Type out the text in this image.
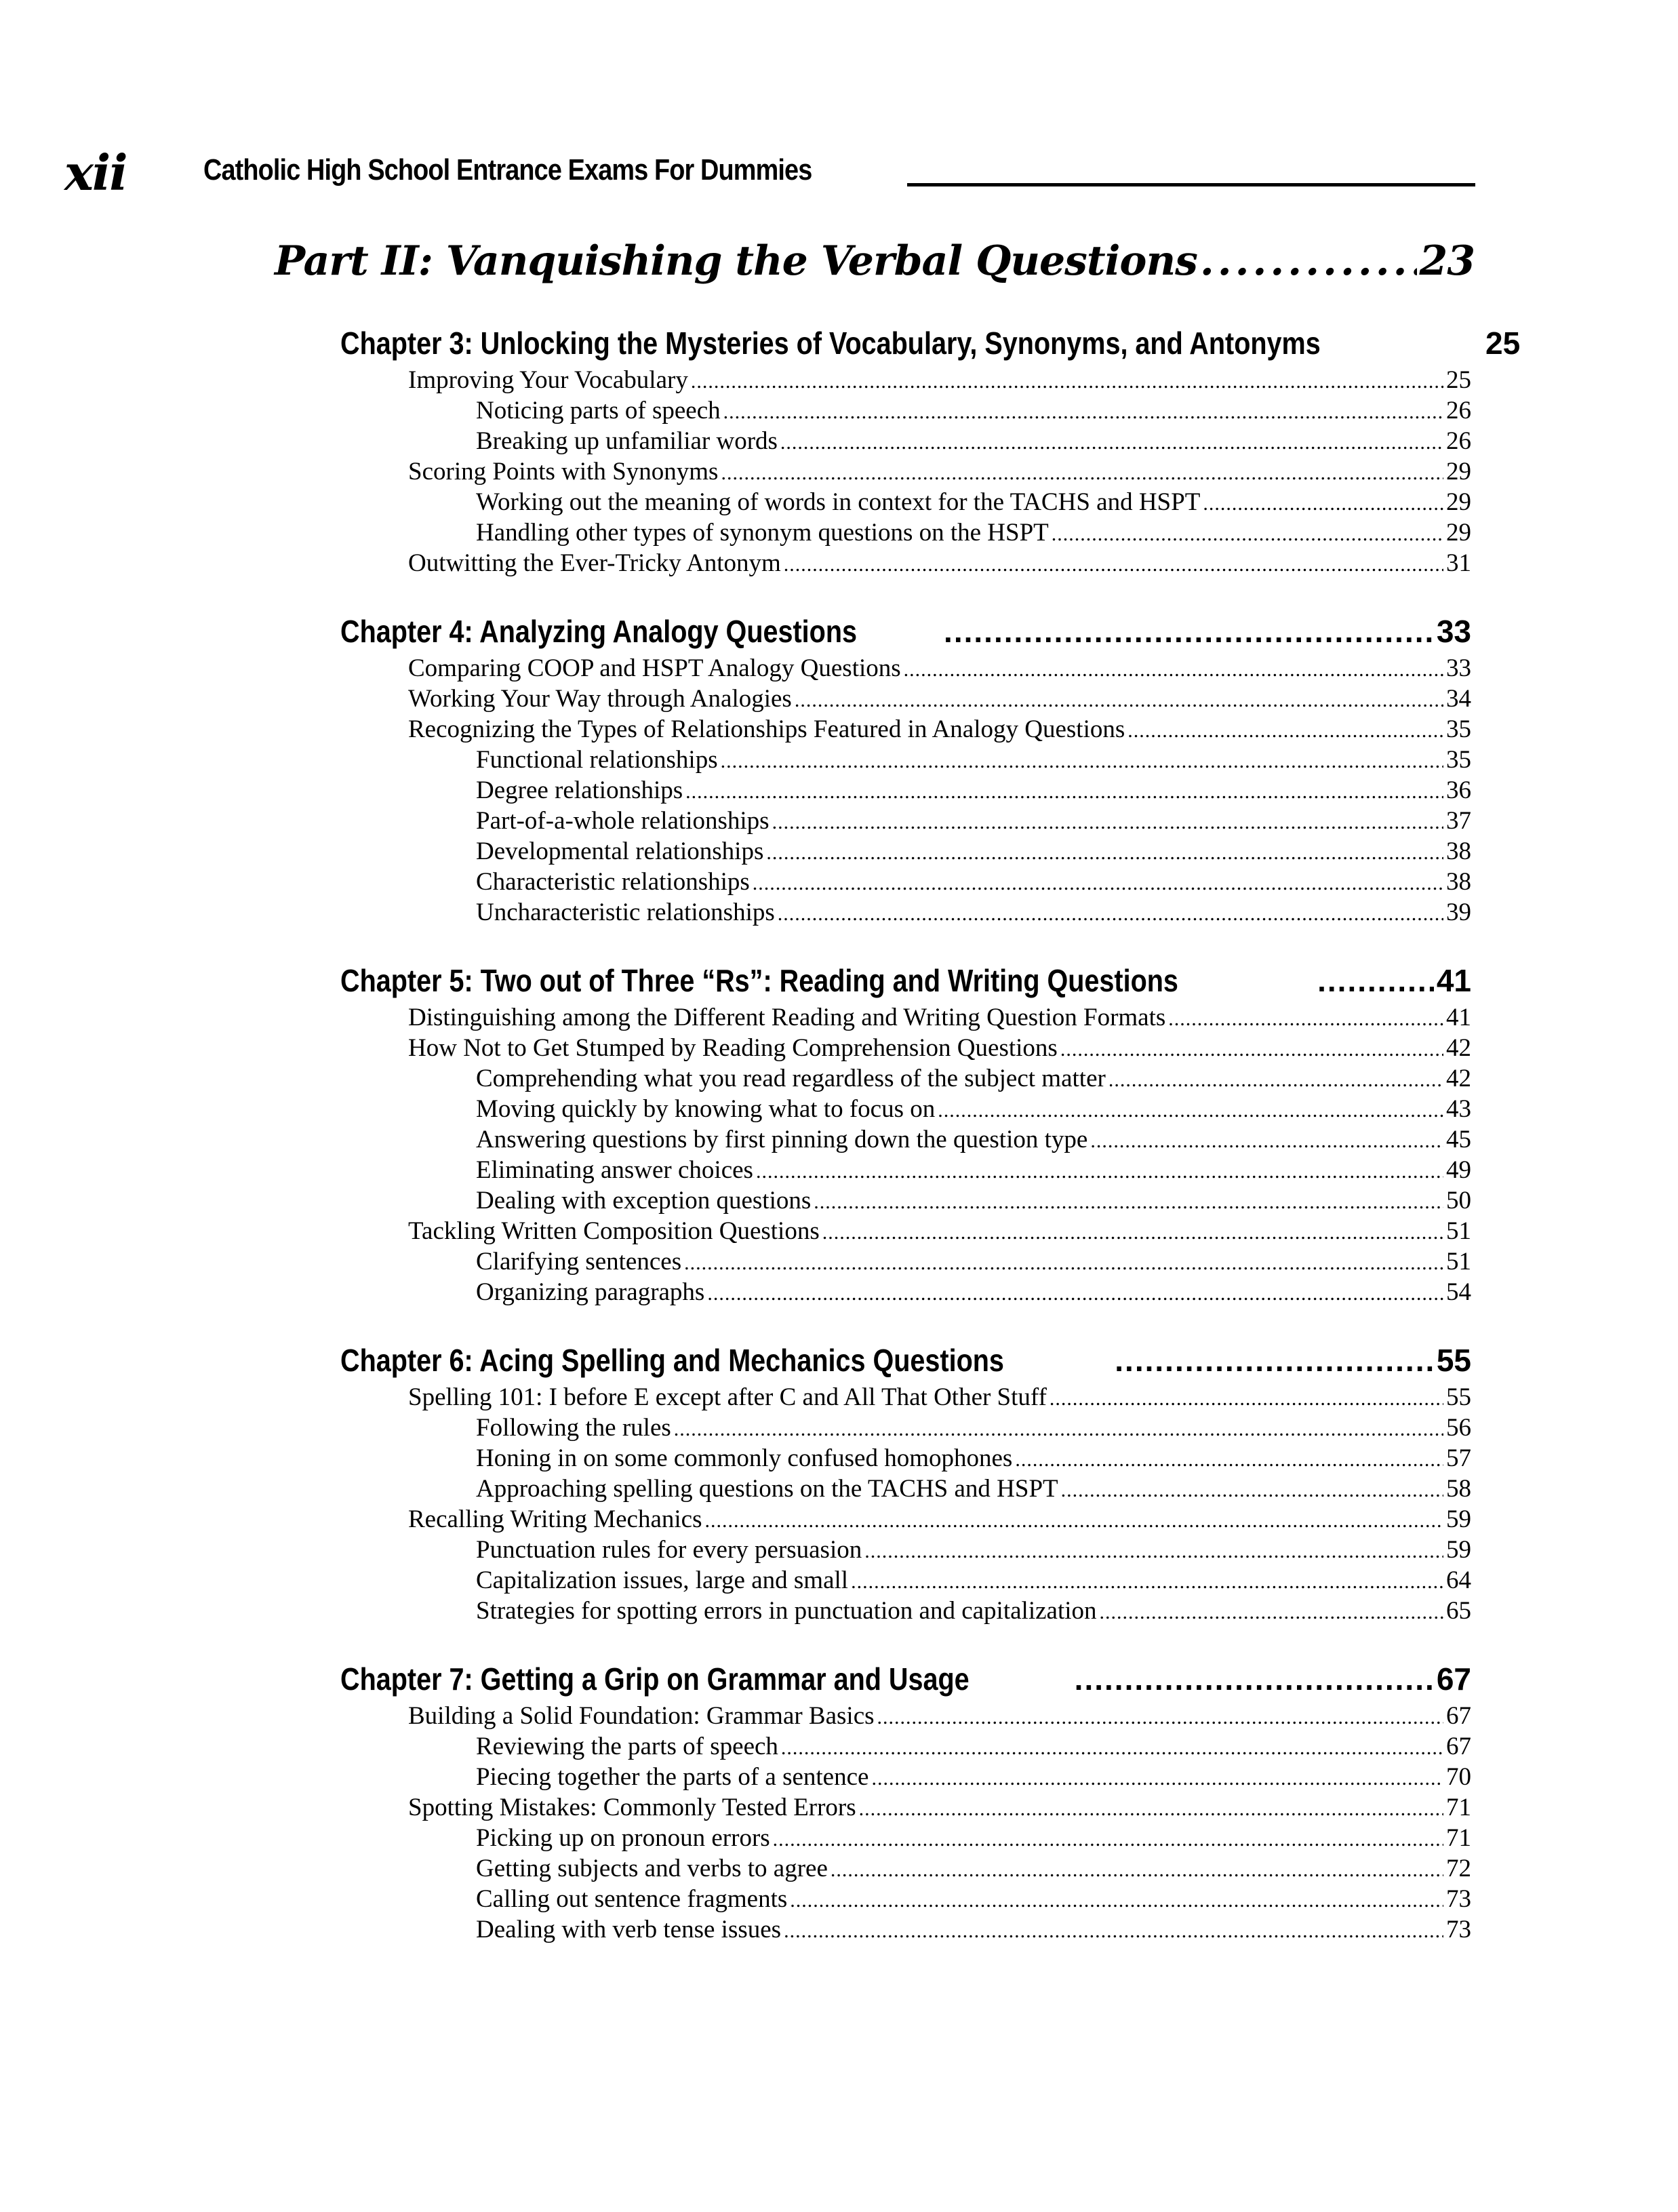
xii	Catholic High School Entrance Exams For Dummies
Part II: Vanquishing the Verbal Questions .....	23
Chapter 3: Unlocking the Mysteries of Vocabulary, Synonyms, and Antonyms	25
Improving Your Vocabulary .....	25
Noticing parts of speech .....	26
Breaking up unfamiliar words .....	26
Scoring Points with Synonyms .....	29
Working out the meaning of words in context for the TACHS and HSPT .....	29
Handling other types of synonym questions on the HSPT .....	29
Outwitting the Ever-Tricky Antonym .....	31
Chapter 4: Analyzing Analogy Questions .....	33
Comparing COOP and HSPT Analogy Questions .....	33
Working Your Way through Analogies .....	34
Recognizing the Types of Relationships Featured in Analogy Questions .....	35
Functional relationships .....	35
Degree relationships .....	36
Part-of-a-whole relationships .....	37
Developmental relationships .....	38
Characteristic relationships .....	38
Uncharacteristic relationships .....	39
Chapter 5: Two out of Three “Rs”: Reading and Writing Questions .....	41
Distinguishing among the Different Reading and Writing Question Formats .....	41
How Not to Get Stumped by Reading Comprehension Questions .....	42
Comprehending what you read regardless of the subject matter .....	42
Moving quickly by knowing what to focus on .....	43
Answering questions by first pinning down the question type .....	45
Eliminating answer choices .....	49
Dealing with exception questions .....	50
Tackling Written Composition Questions .....	51
Clarifying sentences .....	51
Organizing paragraphs .....	54
Chapter 6: Acing Spelling and Mechanics Questions .....	55
Spelling 101: I before E except after C and All That Other Stuff .....	55
Following the rules .....	56
Honing in on some commonly confused homophones .....	57
Approaching spelling questions on the TACHS and HSPT .....	58
Recalling Writing Mechanics .....	59
Punctuation rules for every persuasion .....	59
Capitalization issues, large and small .....	64
Strategies for spotting errors in punctuation and capitalization .....	65
Chapter 7: Getting a Grip on Grammar and Usage .....	67
Building a Solid Foundation: Grammar Basics .....	67
Reviewing the parts of speech .....	67
Piecing together the parts of a sentence .....	70
Spotting Mistakes: Commonly Tested Errors .....	71
Picking up on pronoun errors .....	71
Getting subjects and verbs to agree .....	72
Calling out sentence fragments .....	73
Dealing with verb tense issues .....	73
